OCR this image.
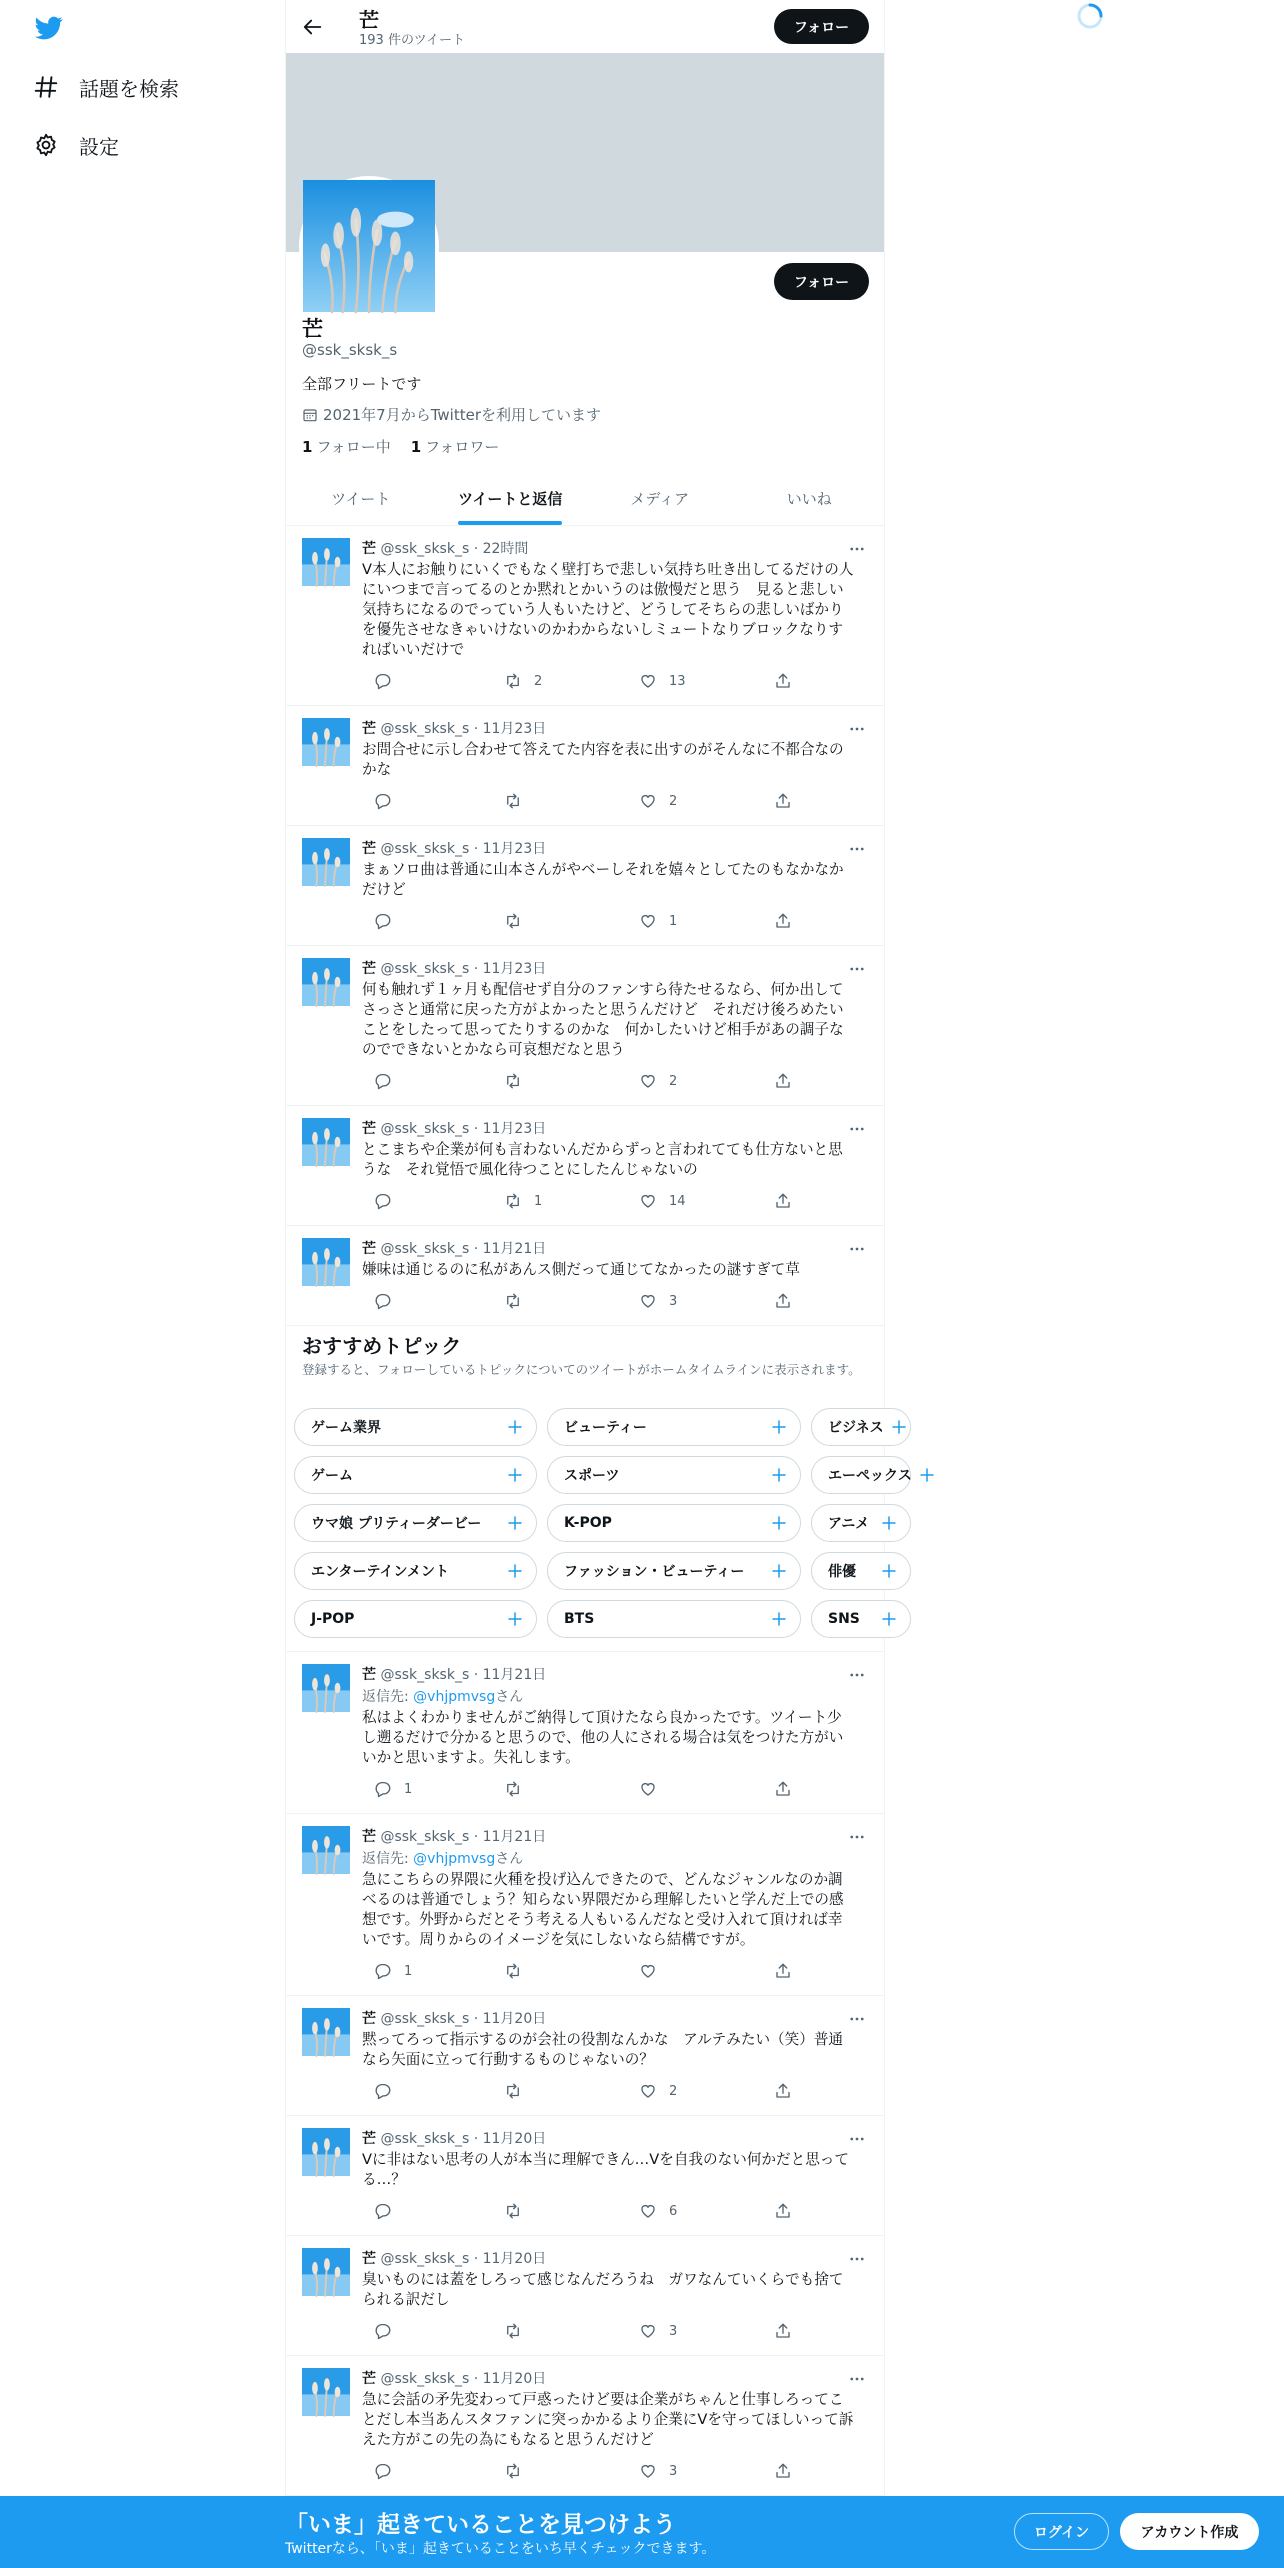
話題を検索
設定
芒
193 件のツイート
フォロー
フォロー
芒
@ssk_sksk_s
全部フリートです
2021年7月からTwitterを利用しています
1 フォロー中 1 フォロワー
ツイート	ツイートと返信	メディア	いいね
芒 @ssk_sksk_s · 22時間
V本人にお触りにいくでもなく壁打ちで悲しい気持ち吐き出してるだけの人
にいつまで言ってるのとか黙れとかいうのは傲慢だと思う　見ると悲しい
気持ちになるのでっていう人もいたけど、どうしてそちらの悲しいばかり
を優先させなきゃいけないのかわからないしミュートなりブロックなりす
ればいいだけで
2	13
芒 @ssk_sksk_s · 11月23日
お問合せに示し合わせて答えてた内容を表に出すのがそんなに不都合なの
かな
2
芒 @ssk_sksk_s · 11月23日
まぁソロ曲は普通に山本さんがやベーしそれを嬉々としてたのもなかなか
だけど
1
芒 @ssk_sksk_s · 11月23日
何も触れず１ヶ月も配信せず自分のファンすら待たせるなら、何か出して
さっさと通常に戻った方がよかったと思うんだけど　それだけ後ろめたい
ことをしたって思ってたりするのかな　何かしたいけど相手があの調子な
のでできないとかなら可哀想だなと思う
2
芒 @ssk_sksk_s · 11月23日
とこまちや企業が何も言わないんだからずっと言われてても仕方ないと思
うな　それ覚悟で風化待つことにしたんじゃないの
1	14
芒 @ssk_sksk_s · 11月21日
嫌味は通じるのに私があんス側だって通じてなかったの謎すぎて草
3
芒 @ssk_sksk_s · 11月21日
返信先: @vhjpmvsgさん
私はよくわかりませんがご納得して頂けたなら良かったです。ツイート少
し遡るだけで分かると思うので、他の人にされる場合は気をつけた方がい
いかと思いますよ。失礼します。
1
芒 @ssk_sksk_s · 11月21日
返信先: @vhjpmvsgさん
急にこちらの界隈に火種を投げ込んできたので、どんなジャンルなのか調
べるのは普通でしょう？知らない界隈だから理解したいと学んだ上での感
想です。外野からだとそう考える人もいるんだなと受け入れて頂ければ幸
いです。周りからのイメージを気にしないなら結構ですが。
1
芒 @ssk_sksk_s · 11月20日
黙ってろって指示するのが会社の役割なんかな　アルテみたい（笑）普通
なら矢面に立って行動するものじゃないの？
2
芒 @ssk_sksk_s · 11月20日
Vに非はない思考の人が本当に理解できん…Vを自我のない何かだと思って
る…？
6
芒 @ssk_sksk_s · 11月20日
臭いものには蓋をしろって感じなんだろうね　ガワなんていくらでも捨て
られる訳だし
3
芒 @ssk_sksk_s · 11月20日
急に会話の矛先変わって戸惑ったけど要は企業がちゃんと仕事しろってこ
とだし本当あんスタファンに突っかかるより企業にVを守ってほしいって訴
えた方がこの先の為にもなると思うんだけど
3
おすすめトピック
登録すると、フォローしているトピックについてのツイートがホームタイムラインに表示されます。
ゲーム業界	ビューティー	ビジネス
ゲーム	スポーツ	エーペックス
ウマ娘 プリティーダービー	K-POP	アニメ
エンターテインメント	ファッション・ビューティー	俳優
J-POP	BTS	SNS
「いま」起きていることを見つけよう
Twitterなら、「いま」起きていることをいち早くチェックできます。
ログイン	アカウント作成
